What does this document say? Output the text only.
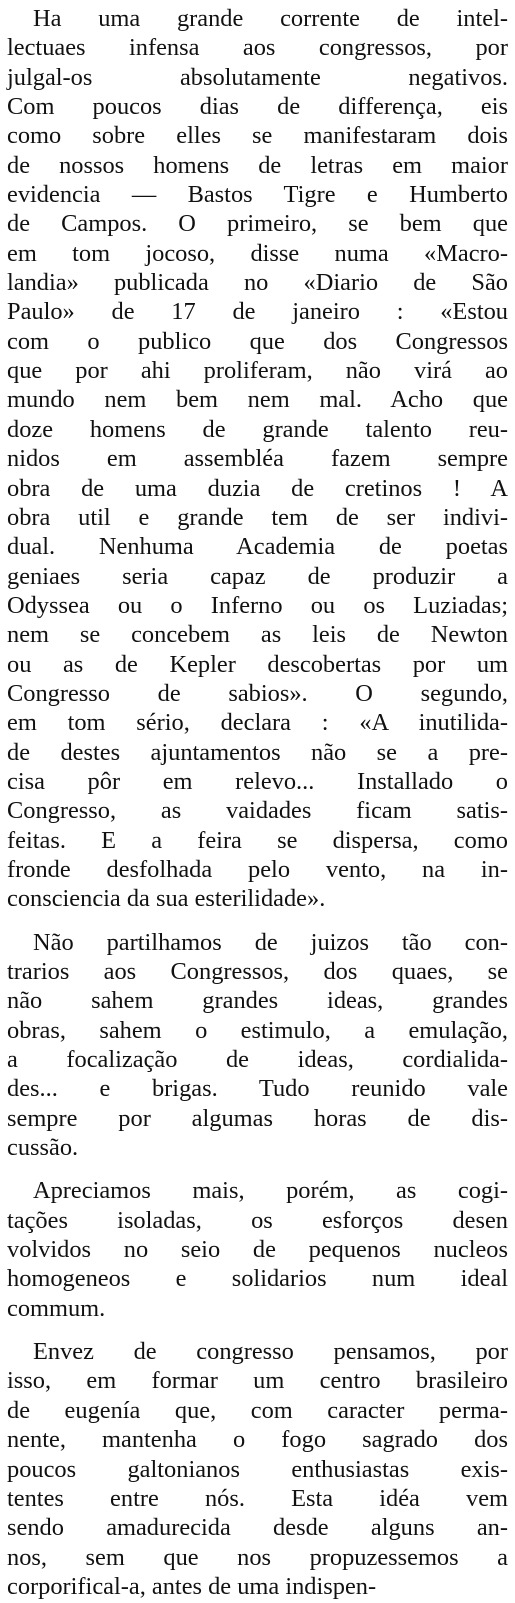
Ha uma grande corrente de intel-
lectuaes infensa aos congressos, por
julgal-os absolutamente negativos.
Com poucos dias de differença, eis
como sobre elles se manifestaram dois
de nossos homens de letras em maior
evidencia — Bastos Tigre e Humberto
de Campos. O primeiro, se bem que
em tom jocoso, disse numa «Macro-
landia» publicada no «Diario de São
Paulo» de 17 de janeiro : «Estou
com o publico que dos Congressos
que por ahi proliferam, não virá ao
mundo nem bem nem mal. Acho que
doze homens de grande talento reu-
nidos em assembléa fazem sempre
obra de uma duzia de cretinos ! A
obra util e grande tem de ser indivi-
dual. Nenhuma Academia de poetas
geniaes seria capaz de produzir a
Odyssea ou o Inferno ou os Luziadas;
nem se concebem as leis de Newton
ou as de Kepler descobertas por um
Congresso de sabios». O segundo,
em tom sério, declara : «A inutilida-
de destes ajuntamentos não se a pre-
cisa pôr em relevo... Installado o
Congresso, as vaidades ficam satis-
feitas. E a feira se dispersa, como
fronde desfolhada pelo vento, na in-
consciencia da sua esterilidade».
Não partilhamos de juizos tão con-
trarios aos Congressos, dos quaes, se
não sahem grandes ideas, grandes
obras, sahem o estimulo, a emulação,
a focalização de ideas, cordialida-
des... e brigas. Tudo reunido vale
sempre por algumas horas de dis-
cussão.
Apreciamos mais, porém, as cogi-
tações isoladas, os esforços desen
volvidos no seio de pequenos nucleos
homogeneos e solidarios num ideal
commum.
Envez de congresso pensamos, por
isso, em formar um centro brasileiro
de eugenía que, com caracter perma-
nente, mantenha o fogo sagrado dos
poucos galtonianos enthusiastas exis-
tentes entre nós. Esta idéa vem
sendo amadurecida desde alguns an-
nos, sem que nos propuzessemos a
corporifical-a, antes de uma indispen-
